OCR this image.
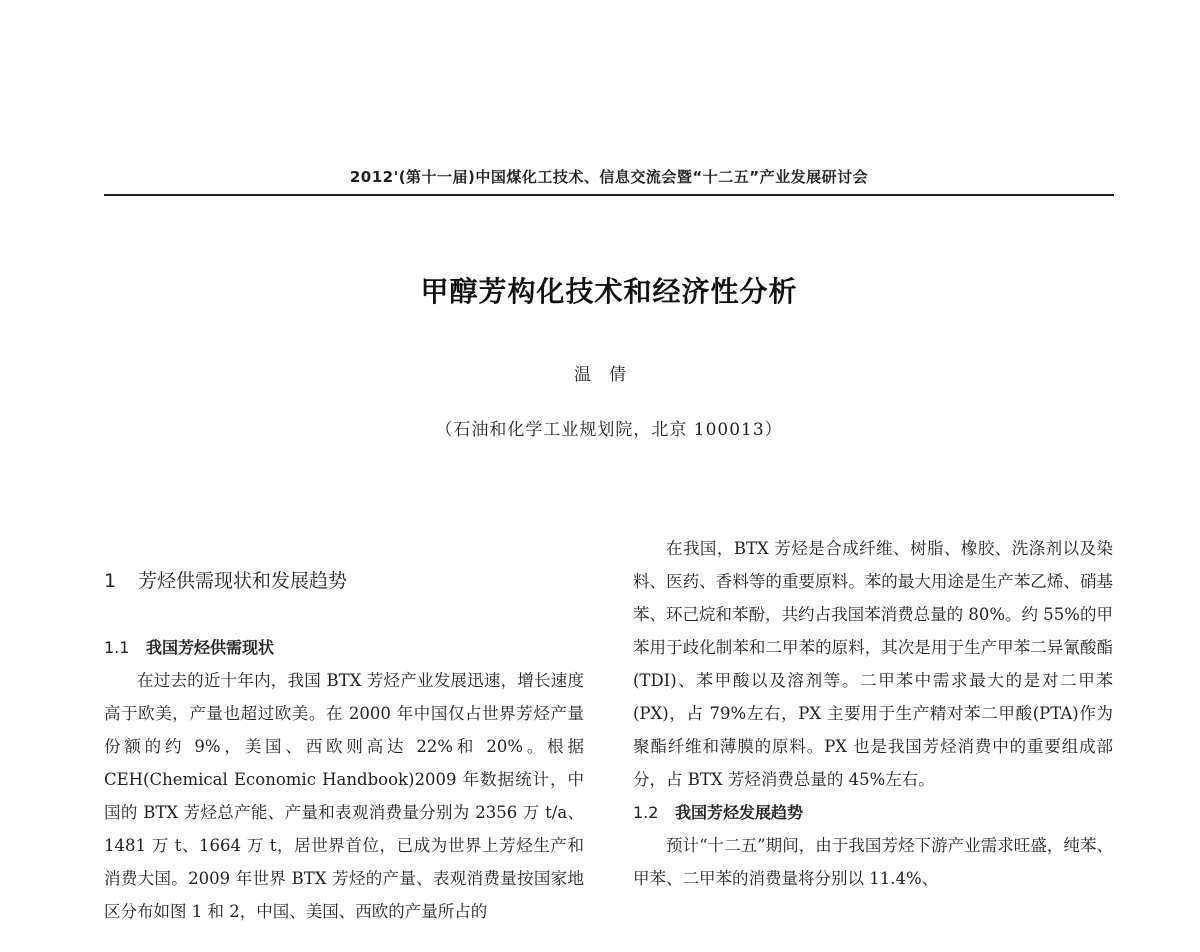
2012'(第十一届)中国煤化工技术、信息交流会暨“十二五”产业发展研讨会
甲醇芳构化技术和经济性分析
温倩
（石油和化学工业规划院，北京 100013）
1 芳烃供需现状和发展趋势
1.1 我国芳烃供需现状

在过去的近十年内，我国 BTX 芳烃产业发展迅速，增长速度高于欧美，产量也超过欧美。在 2000 年中国仅占世界芳烃产量份额的约 9%，美国、西欧则高达 22%和 20%。根据 CEH(Chemical Economic Handbook)2009 年数据统计，中国的 BTX 芳烃总产能、产量和表观消费量分别为 2356 万 t/a、1481 万 t、1664 万 t，居世界首位，已成为世界上芳烃生产和消费大国。2009 年世界 BTX 芳烃的产量、表观消费量按国家地区分布如图 1 和 2，中国、美国、西欧的产量所占的

在我国，BTX 芳烃是合成纤维、树脂、橡胶、洗涤剂以及染料、医药、香料等的重要原料。苯的最大用途是生产苯乙烯、硝基苯、环己烷和苯酚，共约占我国苯消费总量的 80%。约 55%的甲苯用于歧化制苯和二甲苯的原料，其次是用于生产甲苯二异氰酸酯(TDI)、苯甲酸以及溶剂等。二甲苯中需求最大的是对二甲苯(PX)，占 79%左右，PX 主要用于生产精对苯二甲酸(PTA)作为聚酯纤维和薄膜的原料。PX 也是我国芳烃消费中的重要组成部分，占 BTX 芳烃消费总量的 45%左右。

1.2 我国芳烃发展趋势

预计“十二五”期间，由于我国芳烃下游产业需求旺盛，纯苯、甲苯、二甲苯的消费量将分别以 11.4%、
